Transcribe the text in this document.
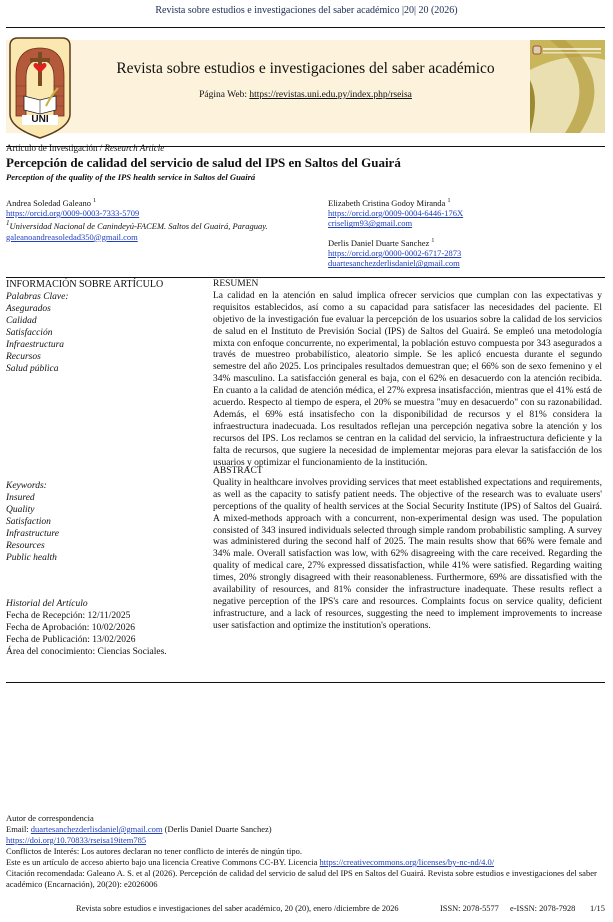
Revista sobre estudios e investigaciones del saber académico |20| 20 (2026)
UNI
Revista sobre estudios e investigaciones del saber académico
Página Web: https://revistas.uni.edu.py/index.php/rseisa
Artículo de Investigación / Research Article
Percepción de calidad del servicio de salud del IPS en Saltos del Guairá
Perception of the quality of the IPS health service in Saltos del Guairá
Andrea Soledad Galeano $^1$
https://orcid.org/0009-0003-7333-5709
$^1$Universidad Nacional de Canindeyú-FACEM. Saltos del Guairá, Paraguay.
galeanoandreasoledad350@gmail.com
Elizabeth Cristina Godoy Miranda $^1$
https://orcid.org/0009-0004-6446-176X
criseligm93@gmail.com
Derlis Daniel Duarte Sanchez $^1$
https://orcid.org/0000-0002-6717-2873
duartesanchezderlisdaniel@gmail.com
INFORMACIÓN SOBRE ARTÍCULO
Palabras Clave:
Asegurados
Calidad
Satisfacción
Infraestructura
Recursos
Salud pública
Keywords:
Insured
Quality
Satisfaction
Infrastructure
Resources
Public health
Historial del Artículo
Fecha de Recepción: 12/11/2025
Fecha de Aprobación: 10/02/2026
Fecha de Publicación: 13/02/2026
Área del conocimiento: Ciencias Sociales.
RESUMEN
La calidad en la atención en salud implica ofrecer servicios que cumplan con las expectativas y requisitos establecidos, así como a su capacidad para satisfacer las necesidades del paciente. El objetivo de la investigación fue evaluar la percepción de los usuarios sobre la calidad de los servicios de salud en el Instituto de Previsión Social (IPS) de Saltos del Guairá. Se empleó una metodología mixta con enfoque concurrente, no experimental, la población estuvo compuesta por 343 asegurados a través de muestreo probabilístico, aleatorio simple. Se les aplicó encuesta durante el segundo semestre del año 2025. Los principales resultados demuestran que; el 66% son de sexo femenino y el 34% masculino. La satisfacción general es baja, con el 62% en desacuerdo con la atención recibida. En cuanto a la calidad de atención médica, el 27% expresa insatisfacción, mientras que el 41% está de acuerdo. Respecto al tiempo de espera, el 20% se muestra "muy en desacuerdo" con su razonabilidad. Además, el 69% está insatisfecho con la disponibilidad de recursos y el 81% considera la infraestructura inadecuada. Los resultados reflejan una percepción negativa sobre la atención y los recursos del IPS. Los reclamos se centran en la calidad del servicio, la infraestructura deficiente y la falta de recursos, que sugiere la necesidad de implementar mejoras para elevar la satisfacción de los usuarios y optimizar el funcionamiento de la institución.
ABSTRACT
Quality in healthcare involves providing services that meet established expectations and requirements, as well as the capacity to satisfy patient needs. The objective of the research was to evaluate users' perceptions of the quality of health services at the Social Security Institute (IPS) of Saltos del Guairá. A mixed-methods approach with a concurrent, non-experimental design was used. The population consisted of 343 insured individuals selected through simple random probabilistic sampling. A survey was administered during the second half of 2025. The main results show that 66% were female and 34% male. Overall satisfaction was low, with 62% disagreeing with the care received. Regarding the quality of medical care, 27% expressed dissatisfaction, while 41% were satisfied. Regarding waiting times, 20% strongly disagreed with their reasonableness. Furthermore, 69% are dissatisfied with the availability of resources, and 81% consider the infrastructure inadequate. These results reflect a negative perception of the IPS's care and resources. Complaints focus on service quality, deficient infrastructure, and a lack of resources, suggesting the need to implement improvements to increase user satisfaction and optimize the institution's operations.
Autor de correspondencia
Email: duartesanchezderlisdaniel@gmail.com (Derlis Daniel Duarte Sanchez)
https://doi.org/10.70833/rseisa19item785
Conflictos de Interés: Los autores declaran no tener conflicto de interés de ningún tipo.
Este es un artículo de acceso abierto bajo una licencia Creative Commons CC-BY. Licencia https://creativecommons.org/licenses/by-nc-nd/4.0/
Citación recomendada: Galeano A. S. et al (2026). Percepción de calidad del servicio de salud del IPS en Saltos del Guairá. Revista sobre estudios e investigaciones del saber académico (Encarnación), 20(20): e2026006
Revista sobre estudios e investigaciones del saber académico, 20 (20), enero /diciembre de 2026	ISSN: 2078-5577 e-ISSN: 2078-7928 1/15
